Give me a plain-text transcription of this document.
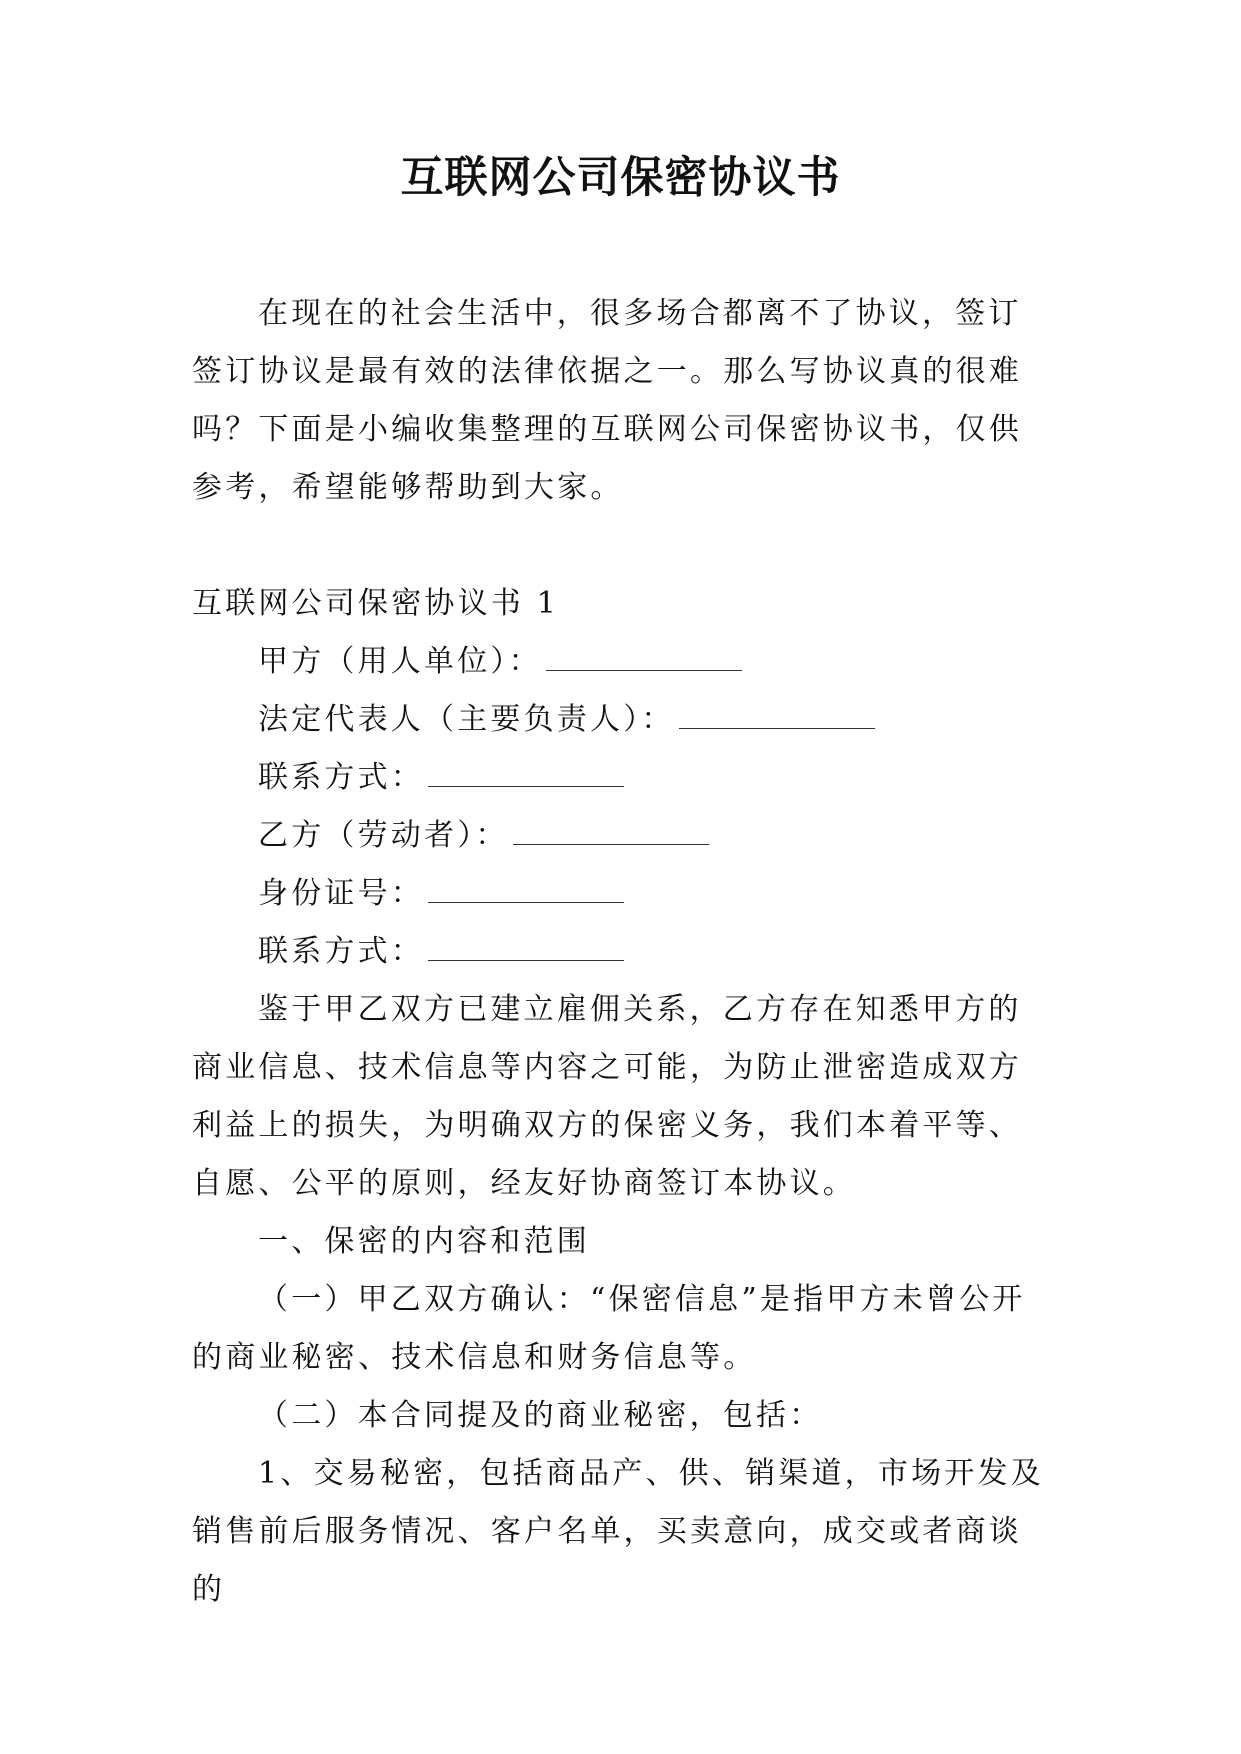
互联网公司保密协议书

在现在的社会生活中，很多场合都离不了协议，签订签订协议是最有效的法律依据之一。那么写协议真的很难吗？下面是小编收集整理的互联网公司保密协议书，仅供参考，希望能够帮助到大家。

互联网公司保密协议书 1

甲方（用人单位）：

法定代表人（主要负责人）：

联系方式：

乙方（劳动者）：

身份证号：

联系方式：

鉴于甲乙双方已建立雇佣关系，乙方存在知悉甲方的商业信息、技术信息等内容之可能，为防止泄密造成双方利益上的损失，为明确双方的保密义务，我们本着平等、自愿、公平的原则，经友好协商签订本协议。

一、保密的内容和范围

（一）甲乙双方确认：“保密信息”是指甲方未曾公开的商业秘密、技术信息和财务信息等。

（二）本合同提及的商业秘密，包括：

1、交易秘密，包括商品产、供、销渠道，市场开发及销售前后服务情况、客户名单，买卖意向，成交或者商谈的
